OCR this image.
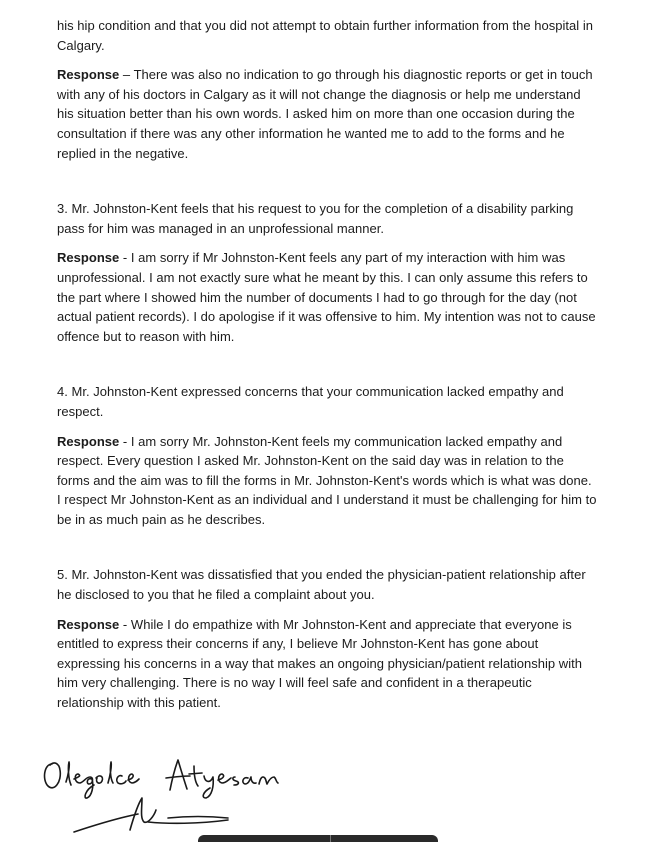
his hip condition and that you did not attempt to obtain further information from the hospital in Calgary.

Response – There was also no indication to go through his diagnostic reports or get in touch with any of his doctors in Calgary as it will not change the diagnosis or help me understand his situation better than his own words. I asked him on more than one occasion during the consultation if there was any other information he wanted me to add to the forms and he replied in the negative.

3. Mr. Johnston-Kent feels that his request to you for the completion of a disability parking pass for him was managed in an unprofessional manner.

Response - I am sorry if Mr Johnston-Kent feels any part of my interaction with him was unprofessional. I am not exactly sure what he meant by this. I can only assume this refers to the part where I showed him the number of documents I had to go through for the day (not actual patient records). I do apologise if it was offensive to him. My intention was not to cause offence but to reason with him.

4. Mr. Johnston-Kent expressed concerns that your communication lacked empathy and respect.

Response - I am sorry Mr. Johnston-Kent feels my communication lacked empathy and respect. Every question I asked Mr. Johnston-Kent on the said day was in relation to the forms and the aim was to fill the forms in Mr. Johnston-Kent's words which is what was done. I respect Mr Johnston-Kent as an individual and I understand it must be challenging for him to be in as much pain as he describes.

5. Mr. Johnston-Kent was dissatisfied that you ended the physician-patient relationship after he disclosed to you that he filed a complaint about you.

Response - While I do empathize with Mr Johnston-Kent and appreciate that everyone is entitled to express their concerns if any, I believe Mr Johnston-Kent has gone about expressing his concerns in a way that makes an ongoing physician/patient relationship with him very challenging. There is no way I will feel safe and confident in a therapeutic relationship with this patient.
